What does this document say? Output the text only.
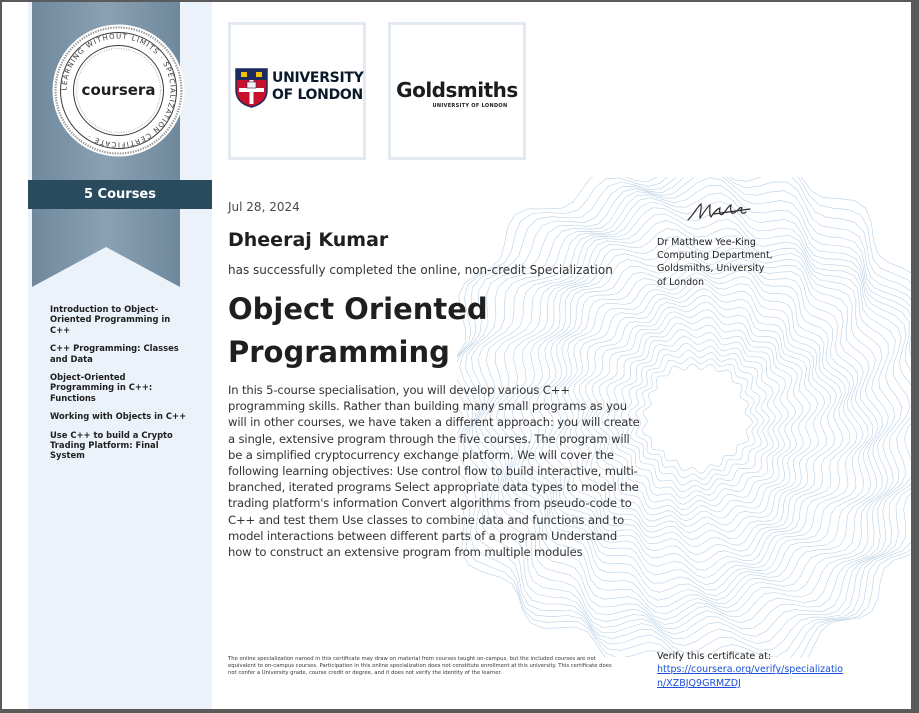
LEARNING WITHOUT LIMITS · SPECIALIZATION CERTIFICATE ·
coursera
5 Courses
Introduction to Object-Oriented Programming in C++
C++ Programming: Classes and Data
Object-Oriented Programming in C++: Functions
Working with Objects in C++
Use C++ to build a Crypto Trading Platform: Final System
UNIVERSITY
OF LONDON Goldsmiths
UNIVERSITY OF LONDON
Jul 28, 2024
Dheeraj Kumar
has successfully completed the online, non-credit Specialization
Object Oriented Programming
In this 5-course specialisation, you will develop various C++ programming skills. Rather than building many small programs as you will in other courses, we have taken a different approach: you will create a single, extensive program through the five courses. The program will be a simplified cryptocurrency exchange platform. We will cover the following learning objectives: Use control flow to build interactive, multi-branched, iterated programs Select appropriate data types to model the trading platform's information Convert algorithms from pseudo-code to C++ and test them Use classes to combine data and functions and to model interactions between different parts of a program Understand how to construct an extensive program from multiple modules
The online specialization named in this certificate may draw on material from courses taught on-campus, but the included courses are not equivalent to on-campus courses. Participation in this online specialization does not constitute enrollment at this university. This certificate does not confer a University grade, course credit or degree, and it does not verify the identity of the learner.
Dr Matthew Yee-King
Computing Department,
Goldsmiths, University
of London
Verify this certificate at:
https://coursera.org/verify/specialization/XZBJQ9GRMZDJ
